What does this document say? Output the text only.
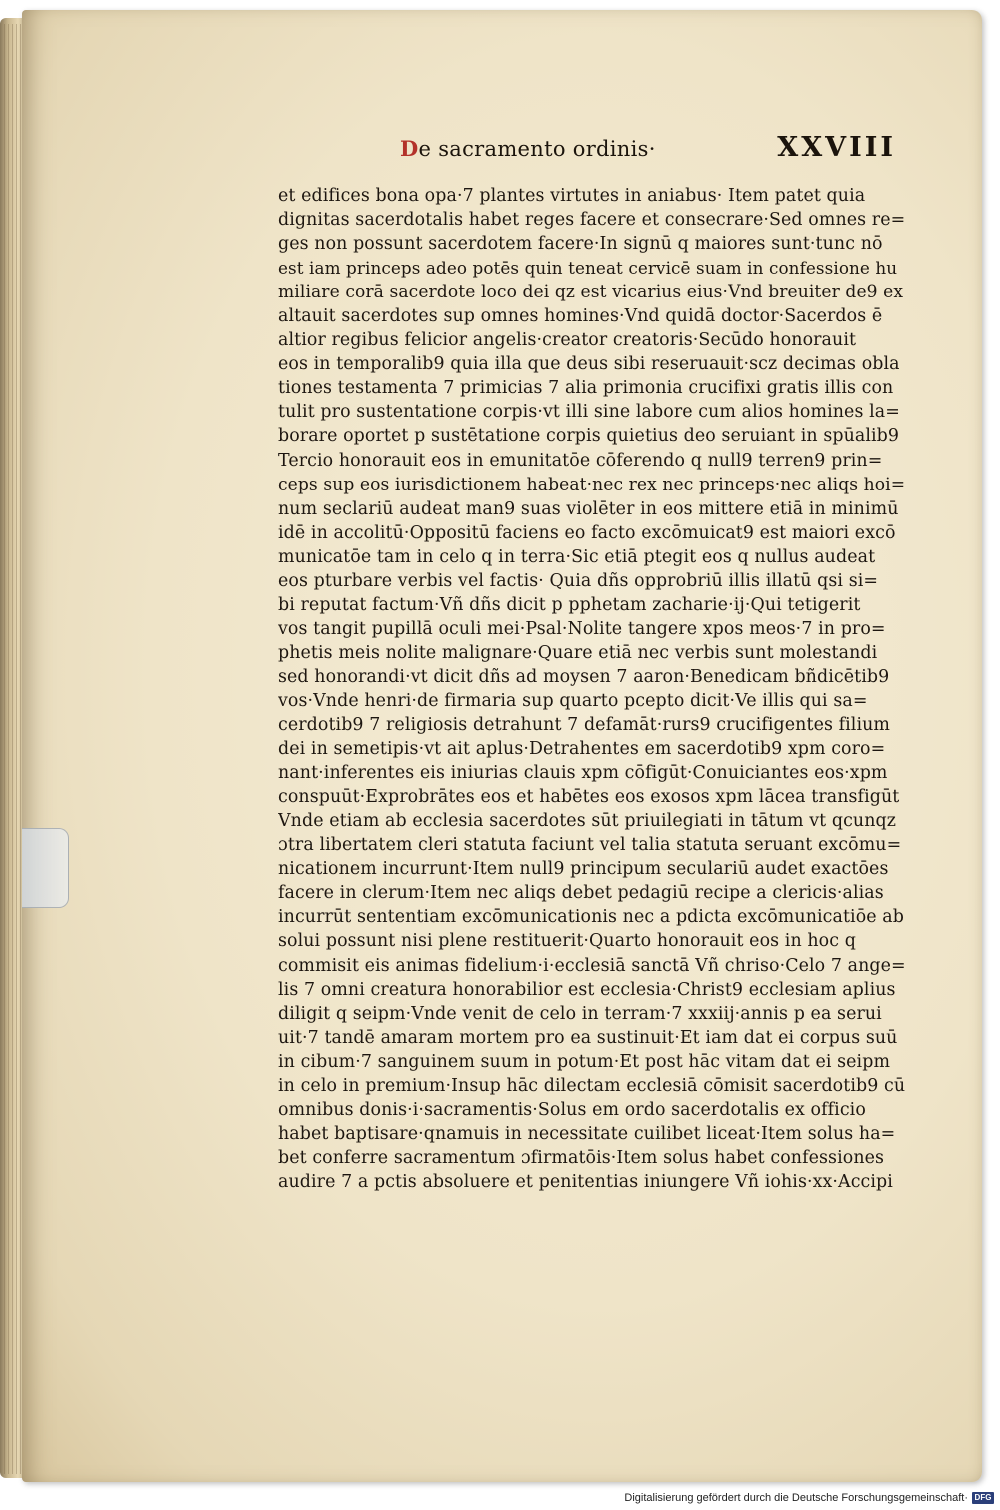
De sacramento ordinis·	XXVIII
et edifices bona opa·7 plantes virtutes in aniabus· Item patet quia
dignitas sacerdotalis habet reges facere et consecrare·Sed omnes re=
ges non possunt sacerdotem facere·In signū q maiores sunt·tunc nō
est iam princeps adeo potēs quin teneat cervicē suam in confessione hu
miliare corā sacerdote loco dei qz est vicarius eius·Vnd breuiter de9 ex
altauit sacerdotes sup omnes homines·Vnd quidā doctor·Sacerdos ē
altior regibus felicior angelis·creator creatoris·Secūdo honorauit
eos in temporalib9 quia illa que deus sibi reseruauit·scz decimas obla
tiones testamenta 7 primicias 7 alia primonia crucifixi gratis illis con
tulit pro sustentatione corpis·vt illi sine labore cum alios homines la=
borare oportet p sustētatione corpis quietius deo seruiant in spūalib9
Tercio honorauit eos in emunitatōe cōferendo q null9 terren9 prin=
ceps sup eos iurisdictionem habeat·nec rex nec princeps·nec aliqs hoi=
num seclariū audeat man9 suas violēter in eos mittere etiā in minimū
idē in accolitū·Oppositū faciens eo facto excōmuicat9 est maiori excō
municatōe tam in celo q in terra·Sic etiā ptegit eos q nullus audeat
eos pturbare verbis vel factis· Quia dñs opprobriū illis illatū qsi si=
bi reputat factum·Vñ dñs dicit p pphetam zacharie·ij·Qui tetigerit
vos tangit pupillā oculi mei·Psal·Nolite tangere xpos meos·7 in pro=
phetis meis nolite malignare·Quare etiā nec verbis sunt molestandi
sed honorandi·vt dicit dñs ad moysen 7 aaron·Benedicam bñdicētib9
vos·Vnde henri·de firmaria sup quarto pcepto dicit·Ve illis qui sa=
cerdotib9 7 religiosis detrahunt 7 defamāt·rurs9 crucifigentes filium
dei in semetipis·vt ait aplus·Detrahentes em sacerdotib9 xpm coro=
nant·inferentes eis iniurias clauis xpm cōfigūt·Conuiciantes eos·xpm
conspuūt·Exprobrātes eos et habētes eos exosos xpm lācea transfigūt
Vnde etiam ab ecclesia sacerdotes sūt priuilegiati in tātum vt qcunqz
ɔtra libertatem cleri statuta faciunt vel talia statuta seruant excōmu=
nicationem incurrunt·Item null9 principum seculariū audet exactōes
facere in clerum·Item nec aliqs debet pedagiū recipe a clericis·alias
incurrūt sententiam excōmunicationis nec a pdicta excōmunicatiōe ab
solui possunt nisi plene restituerit·Quarto honorauit eos in hoc q
commisit eis animas fidelium·i·ecclesiā sanctā Vñ chriso·Celo 7 ange=
lis 7 omni creatura honorabilior est ecclesia·Christ9 ecclesiam aplius
diligit q seipm·Vnde venit de celo in terram·7 xxxiij·annis p ea serui
uit·7 tandē amaram mortem pro ea sustinuit·Et iam dat ei corpus suū
in cibum·7 sanguinem suum in potum·Et post hāc vitam dat ei seipm
in celo in premium·Insup hāc dilectam ecclesiā cōmisit sacerdotib9 cū
omnibus donis·i·sacramentis·Solus em ordo sacerdotalis ex officio
habet baptisare·qnamuis in necessitate cuilibet liceat·Item solus ha=
bet conferre sacramentum ɔfirmatōis·Item solus habet confessiones
audire 7 a pctis absoluere et penitentias iniungere Vñ iohis·xx·Accipi
Digitalisierung gefördert durch die Deutsche Forschungsgemeinschaft· DFG
